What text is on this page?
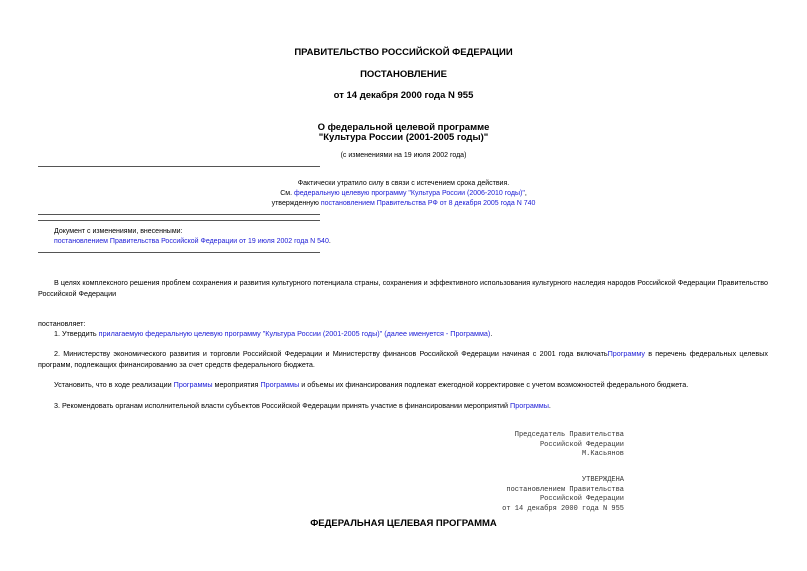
ПРАВИТЕЛЬСТВО РОССИЙСКОЙ ФЕДЕРАЦИИ
ПОСТАНОВЛЕНИЕ
от 14 декабря 2000 года N 955
О федеральной целевой программе
"Культура России (2001-2005 годы)"
(с изменениями на 19 июля 2002 года)
Фактически утратило силу в связи с истечением срока действия.
См. федеральную целевую программу "Культура России (2006-2010 годы)",
утвержденную постановлением Правительства РФ от 8 декабря 2005 года N 740
Документ с изменениями, внесенными:
постановлением Правительства Российской Федерации от 19 июля 2002 года N 540.
В целях комплексного решения проблем сохранения и развития культурного потенциала страны, сохранения и эффективного использования культурного наследия народов Российской Федерации Правительство Российской Федерации
постановляет:
1. Утвердить прилагаемую федеральную целевую программу "Культура России (2001-2005 годы)" (далее именуется - Программа).
2. Министерству экономического развития и торговли Российской Федерации и Министерству финансов Российской Федерации начиная с 2001 года включатьПрограмму в перечень федеральных целевых программ, подлежащих финансированию за счет средств федерального бюджета.
Установить, что в ходе реализации Программы мероприятия Программы и объемы их финансирования подлежат ежегодной корректировке с учетом возможностей федерального бюджета.
3. Рекомендовать органам исполнительной власти субъектов Российской Федерации принять участие в финансировании мероприятий Программы.
Председатель Правительства
Российской Федерации
М.Касьянов
УТВЕРЖДЕНА
постановлением Правительства
Российской Федерации
от 14 декабря 2000 года N 955
ФЕДЕРАЛЬНАЯ ЦЕЛЕВАЯ ПРОГРАММА
